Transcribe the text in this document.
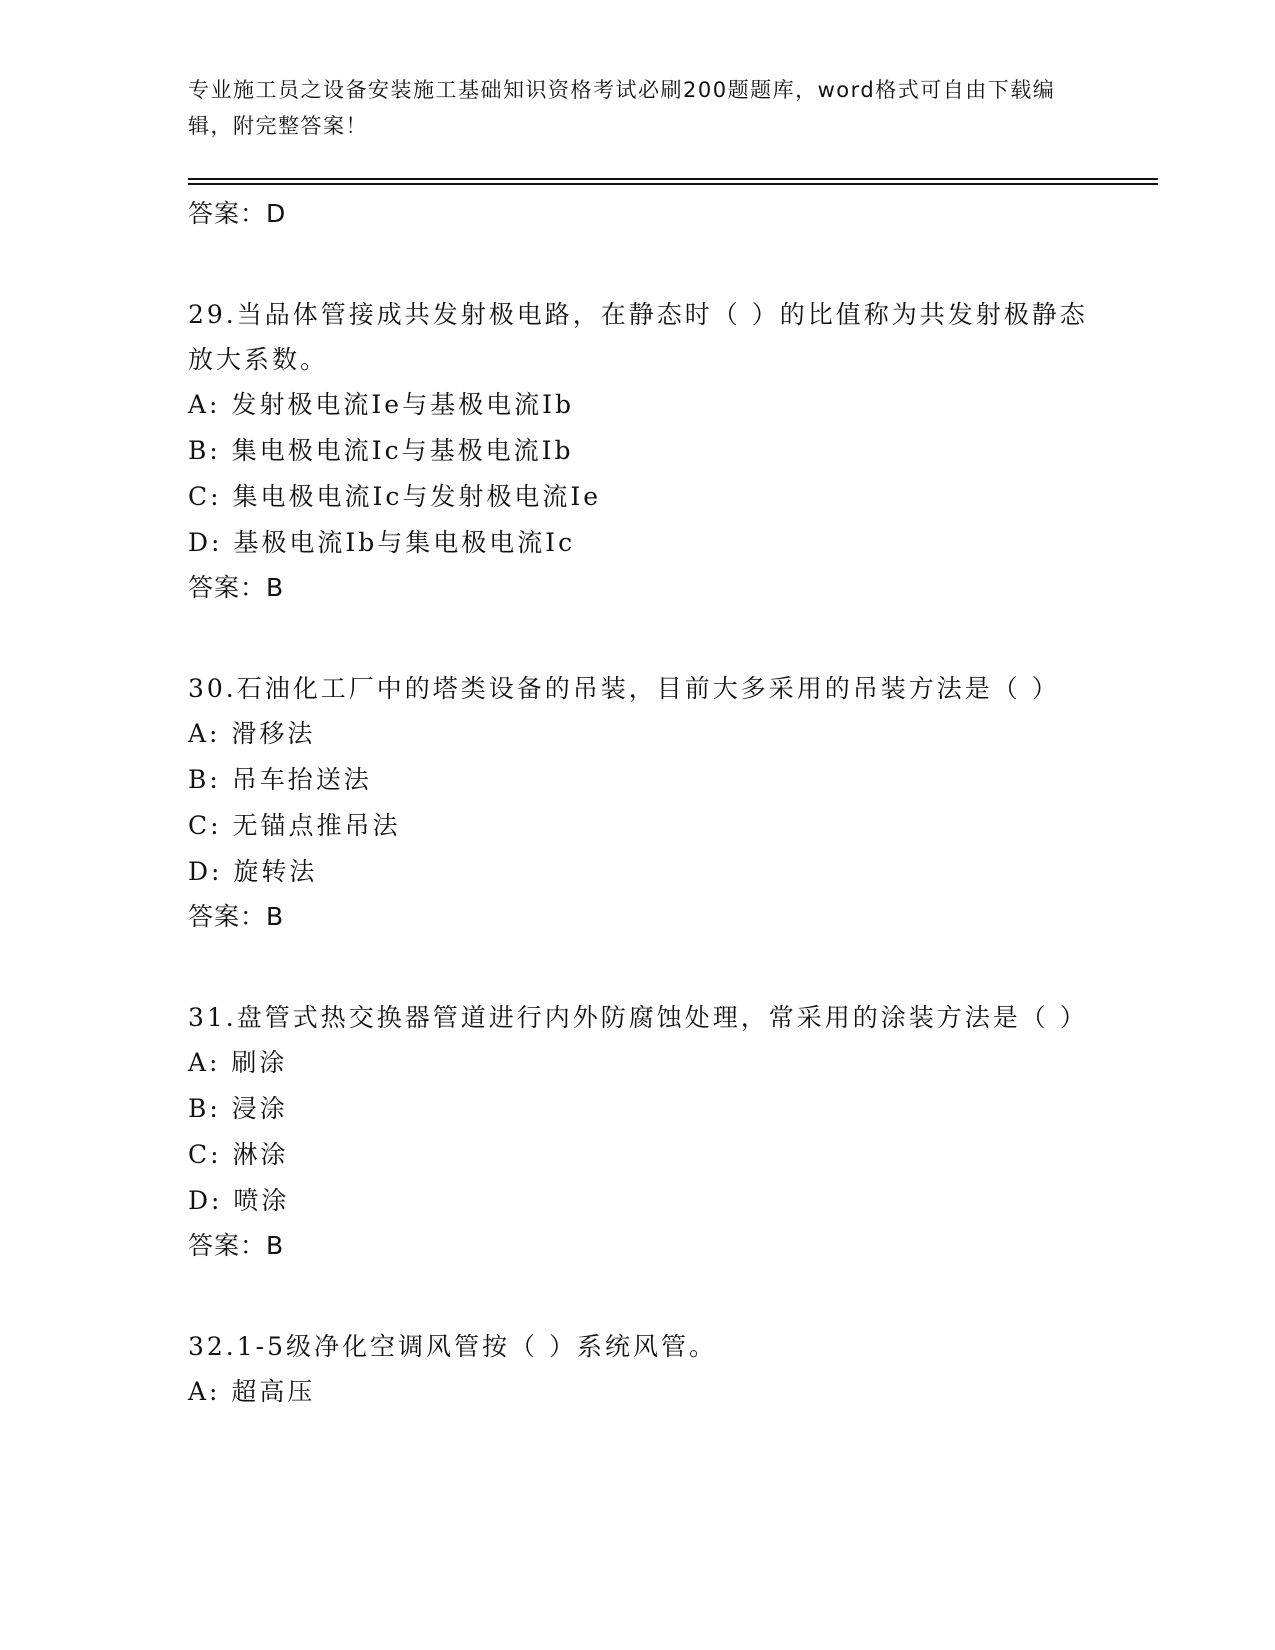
专业施工员之设备安装施工基础知识资格考试必刷200题题库，word格式可自由下载编辑，附完整答案！
答案：D
29.当品体管接成共发射极电路，在静态时（ ）的比值称为共发射极静态放大系数。
A: 发射极电流Ie与基极电流Ib
B: 集电极电流Ic与基极电流Ib
C: 集电极电流Ic与发射极电流Ie
D: 基极电流Ib与集电极电流Ic
答案：B
30.石油化工厂中的塔类设备的吊装，目前大多采用的吊装方法是（ ）
A: 滑移法
B: 吊车抬送法
C: 无锚点推吊法
D: 旋转法
答案：B
31.盘管式热交换器管道进行内外防腐蚀处理，常采用的涂装方法是（ ）
A: 刷涂
B: 浸涂
C: 淋涂
D: 喷涂
答案：B
32.1-5级净化空调风管按（ ）系统风管。
A: 超高压
